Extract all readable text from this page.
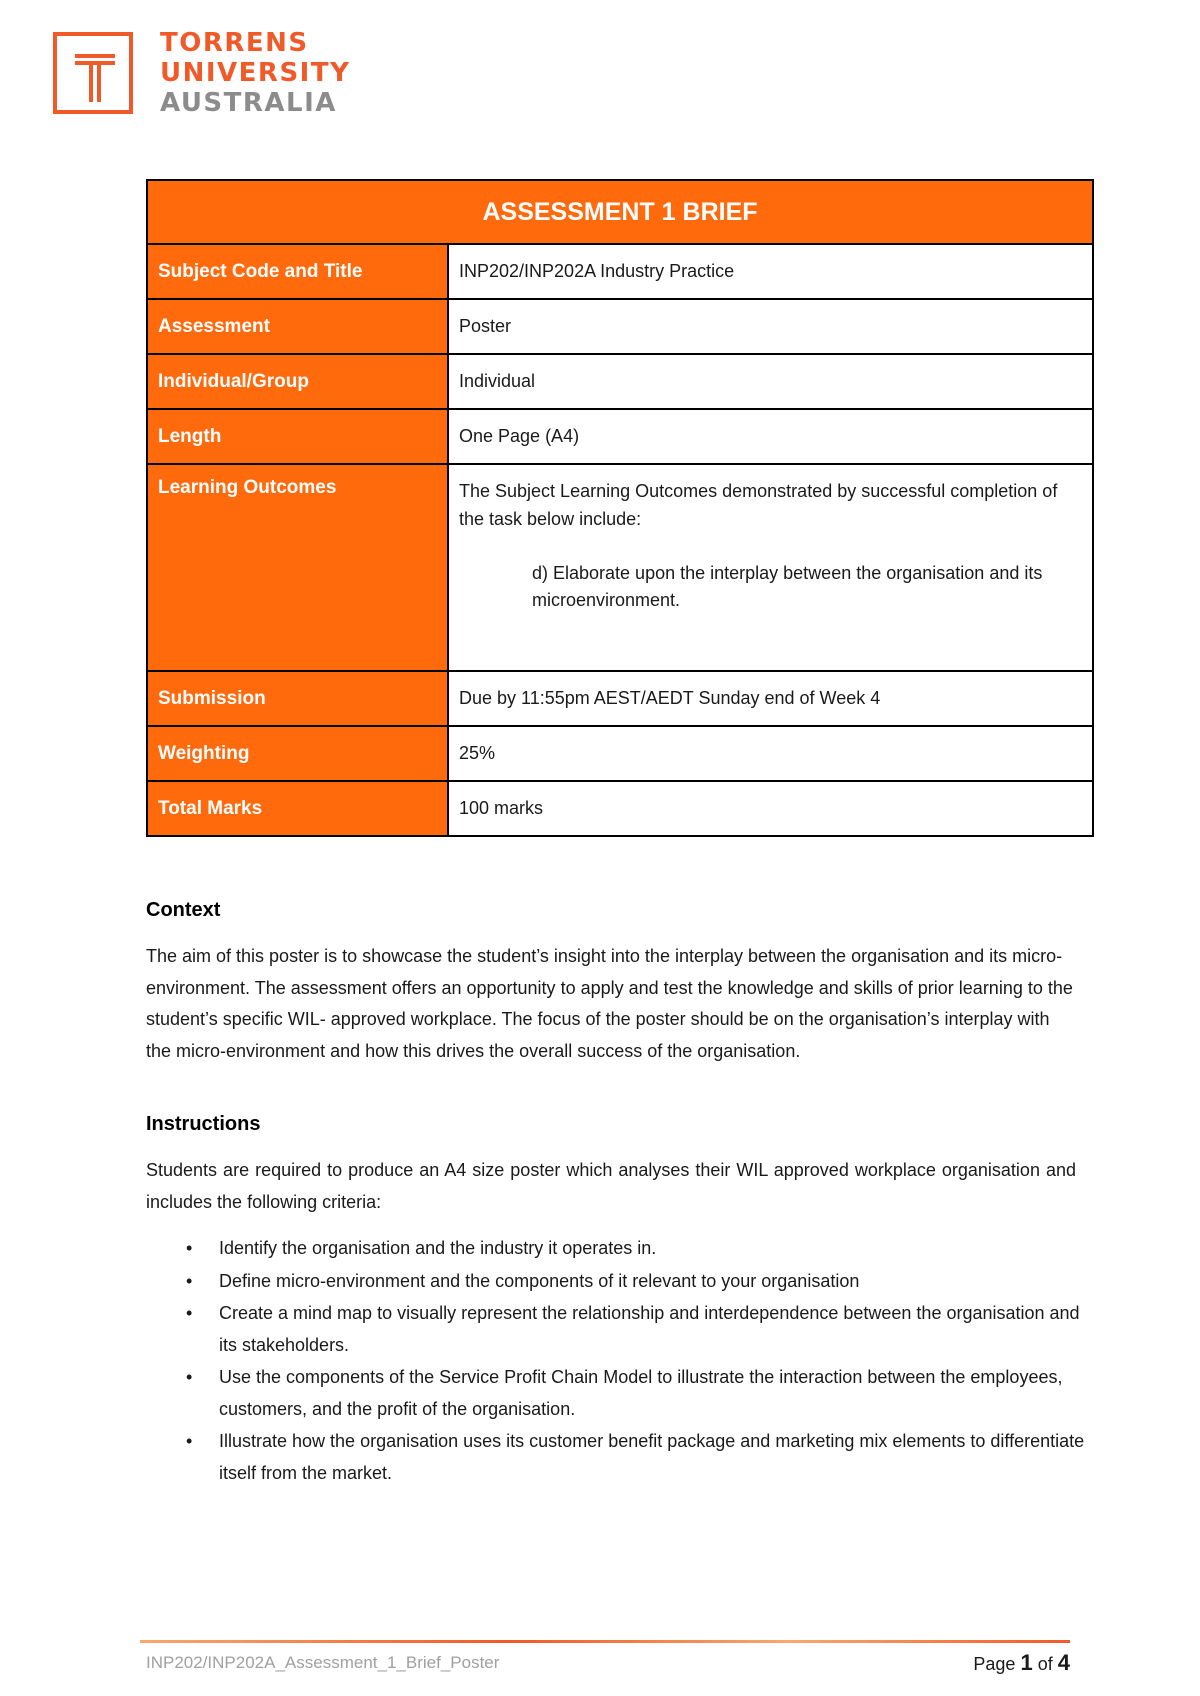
TORRENS
UNIVERSITY
AUSTRALIA
ASSESSMENT 1 BRIEF	
Subject Code and Title	INP202/INP202A Industry Practice
Assessment	Poster
Individual/Group	Individual
Length	One Page (A4)
Learning Outcomes	The Subject Learning Outcomes demonstrated by successful completion of the task below include:
d) Elaborate upon the interplay between the organisation and its microenvironment.

Submission	Due by 11:55pm AEST/AEDT Sunday end of Week 4
Weighting	25%
Total Marks	100 marks
Context
The aim of this poster is to showcase the student’s insight into the interplay between the organisation and its micro-environment. The assessment offers an opportunity to apply and test the knowledge and skills of prior learning to the student’s specific WIL- approved workplace. The focus of the poster should be on the organisation’s interplay with the micro-environment and how this drives the overall success of the organisation.
Instructions
Students are required to produce an A4 size poster which analyses their WIL approved workplace organisation and includes the following criteria:
• Identify the organisation and the industry it operates in.
• Define micro-environment and the components of it relevant to your organisation
• Create a mind map to visually represent the relationship and interdependence between the organisation and its stakeholders.
• Use the components of the Service Profit Chain Model to illustrate the interaction between the employees, customers, and the profit of the organisation.
• Illustrate how the organisation uses its customer benefit package and marketing mix elements to differentiate itself from the market.
INP202/INP202A_Assessment_1_Brief_Poster	Page 1 of 4
